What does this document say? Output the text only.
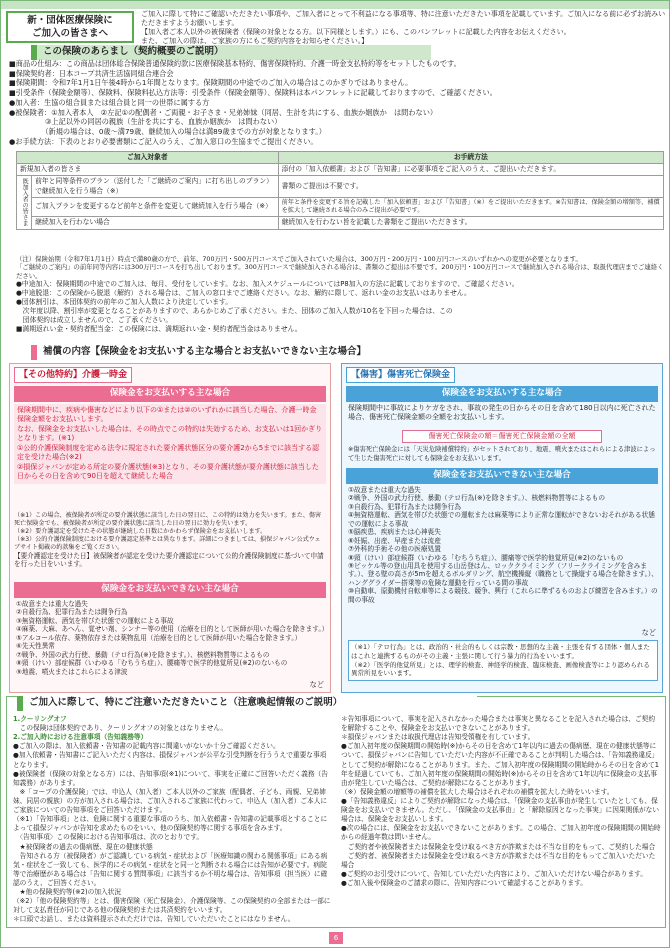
新・団体医療保険に
ご加入の皆さまへ
ご加入に際して特にご確認いただきたい事項や、ご加入者にとって不利益になる事項等、特に注意いただきたい事項を記載しています。ご加入になる前に必ずお読みいただきますようお願いします。
【加入者ご本人以外の被保険者（保険の対象となる方。以下同様とします。）にも、このパンフレットに記載した内容をお伝えください。
また、ご加入の際は、ご家族の方にもご契約内容をお知らせください。】
この保険のあらまし（契約概要のご説明）
■商品の仕組み：この商品は団体総合保険普通保険約款に医療保険基本特約、傷害保険特約、介護一時金支払特約等をセットしたものです。
■保険契約者：日本コープ共済生活協同組合連合会
■保険期間：令和7年1月1日午後4時から1年間となります。保険期間の中途でのご加入の場合はこのかぎりではありません。
■引受条件（保険金額等）、保険料、保険料払込方法等：引受条件（保険金額等）、保険料は本パンフレットに記載しておりますので、ご確認ください。
●加入者：生協の組合員または組合員と同一の世帯に属する方
●被保険者：①加入者本人　②左記①の配偶者・ご両親・お子さま・兄弟姉妹（同居、生計を共にする、血族か姻族か　は問わない）
　　　　　③上記以外の同居の親族（生計を共にする、血族か姻族か　は問わない）
　　　　　（新規の場合は、0歳〜満79歳、継続加入の場合は満89歳までの方が対象となります。）
●お手続方法：下表のとおり必要書類にご記入のうえ、ご加入窓口の生協までご提出ください。
ご加入対象者		お手続方法
新規加入者の皆さま		添付の「加入依頼書」および「告知書」に必要事項をご記入のうえ、ご提出いただきます。
既加入者の皆さま	前年と同等条件のプラン（送付した「ご継続のご案内」に打ち出しのプラン）で継続加入を行う場合（※）	書類のご提出は不要です。
	ご加入プランを変更するなど前年と条件を変更して継続加入を行う場合（※）	前年と条件を変更する旨を記載した「加入依頼書」および「告知書」（※）をご提出いただきます。※告知書は、保険金額の増額等、補償を拡大して継続される場合のみご提出が必要です。
	継続加入を行わない場合	継続加入を行わない旨を記載した書類をご提出いただきます。
（注）保険始期（令和7年1月1日）時点で満80歳の方で、前年、700万円・500万円コースでご加入されていた場合は、300万円・200万円・100万円コースのいずれかへの変更が必要となります。
「ご継続のご案内」の前年同等内容には300万円コースを打ち出しております。300万円コースで継続加入される場合は、書類のご提出は不要です。200万円・100万円コースで継続加入される場合は、取扱代理店までご連絡ください。
●中途加入：保険期間の中途でのご加入は、毎月、受付をしています。なお、加入スケジュールについてはP8加入の方法に記載しておりますので、ご確認ください。
●中途脱退：この保険から脱退（解約）される場合は、ご加入の窓口までご連絡ください。なお、解約に際して、返れい金のお支払いはありません。
●団体割引は、本団体契約の前年のご加入人数により決定しています。
　次年度以降、割引率が変更となることがありますので、あらかじめご了承ください。また、団体のご加入人数が10名を下回った場合は、この
　団体契約は成立しませんので、ご了承ください。
■満期返れい金・契約者配当金：この保険には、満期返れい金・契約者配当金はありません。
補償の内容【保険金をお支払いする主な場合とお支払いできない主な場合】
【その他特約】介護一時金
保険金をお支払いする主な場合
保険期間中に、疾病や傷害などにより以下の①または②のいずれかに該当した場合、介護一時金保険金額をお支払いします。
なお、保険金をお支払いした場合は、その時点でこの特約は失効するため、お支払いは1回かぎりとなります。(※1)
①公的介護保険制度を定める法令に規定された要介護状態区分の要介護2から5までに該当する認定を受けた場合(※2)
②損保ジャパンが定める所定の要介護状態(※3)となり、その要介護状態が要介護状態に該当した日からその日を含めて90日を超えて継続した場合
（※1）この場合、被保険者が所定の要介護状態に該当した日の翌日に、この特約は効力を失います。また、傷害死亡保険金でも、被保険者が所定の要介護状態に該当した日の翌日に効力を失います。
（※2）要介護認定を受けたその状態が継続した日数にかかわらず保険金をお支払いします。
（※3）公的介護保険制度における要介護認定基準とは異なります。詳細につきましては、損保ジャパン公式ウェブサイト掲載の約款集をご覧ください。
【要介護認定を受けた日】被保険者が認定を受けた要介護認定について公的介護保険制度に基づいて申請を行った日をいいます。
保険金をお支払いできない主な場合
①故意または重大な過失
②自殺行為、犯罪行為または闘争行為
③無資格運転、酒気を帯びた状態での運転による事故
④麻薬、大麻、あへん、覚せい剤、シンナー等の使用（治療を目的として医師が用いた場合を除きます。）
⑤アルコール依存、薬物依存または薬物乱用（治療を目的として医師が用いた場合を除きます。）
⑥先天性異常
⑦戦争、外国の武力行使、暴動（テロ行為(※)を除きます。）、核燃料物質等によるもの
⑧頸（けい）部症候群（いわゆる「むちうち症」）、腰痛等で医学的他覚所見(※2)のないもの
⑨地震、噴火またはこれらによる津波
など
【傷害】傷害死亡保険金
保険金をお支払いする主な場合
保険期間中に事故によりケガをされ、事故の発生の日からその日を含めて180日以内に死亡された場合、傷害死亡保険金額の全額をお支払いします。
傷害死亡保険金の額＝傷害死亡保険金額の全額
※傷害死亡保険金には「天災危険補償特約」がセットされており、地震、噴火またはこれらによる津波によって生じた傷害死亡に対しても保険金をお支払いします。
保険金をお支払いできない主な場合
①故意または重大な過失
②戦争、外国の武力行使、暴動（テロ行為(※)を除きます。）、核燃料物質等によるもの
③自殺行為、犯罪行為または闘争行為
④無資格運転、酒気を帯びた状態での運転または麻薬等により正常な運転ができないおそれがある状態での運転による事故
⑤脳疾患、疾病または心神喪失
⑥妊娠、出産、早産または流産
⑦外科的手術その他の医療処置
⑧頸（けい）部症候群（いわゆる「むちうち症」）、腰痛等で医学的他覚所見(※2)のないもの
⑨ピッケル等の登山用具を使用する山岳登はん、ロッククライミング（フリークライミングを含みます。）、登る壁の高さが5mを超えるボルダリング、航空機操縦（職務として操縦する場合を除きます。）、ハンググライダー搭乗等の危険な運動を行っている間の事故
⑩自動車、原動機付自転車等による競技、競争、興行（これらに準ずるものおよび練習を含みます。）の間の事故
など
（※1）「テロ行為」とは、政治的・社会的もしくは宗教・思想的な主義・主張を有する団体・個人またはこれと連携するものがその主義・主張に関して行う暴力的行為をいいます。
（※2）「医学的他覚所見」とは、理学的検査、神経学的検査、臨床検査、画像検査等により認められる異常所見をいいます。
ご加入に際して、特にご注意いただきたいこと（注意喚起情報のご説明）
1.クーリングオフ
　この保険は団体契約であり、クーリングオフの対象とはなりません。
2.ご加入時における注意事項（告知義務等）
●ご加入の際は、加入依頼書・告知書の記載内容に間違いがないか十分ご確認ください。
●加入依頼書・告知書にご記入いただく内容は、損保ジャパンが公平な引受判断を行ううえで重要な事項となります。
●被保険者（保険の対象となる方）には、告知事項(※1)について、事実を正確にご回答いただく義務（告知義務）があります。
　※「コープの介護保険」では、申込人（加入者）ご本人以外のご家族（配偶者、子ども、両親、兄弟姉妹、同居の親族）の方が加入される場合は、ご加入されるご家族に代わって、申込人（加入者）ご本人にご家族についての告知事項をご回答いただけます。
（※1）「告知事項」とは、危険に関する重要な事項のうち、加入依頼書・告知書の記載事項とすることによって損保ジャパンが告知を求めたものをいい、他の保険契約等に関する事項を含みます。
　〈告知事項〉この保険における告知事項は、次のとおりです。
　★被保険者の過去の傷病歴、現在の健康状態
　告知される方（被保険者）がご認識している病気・症状および「医療知識の関わる関係事項」にある病気・症状をご一致しても、医学的にその病気・症状をと同一と判断される場合には告知が必要です。病院等で治療歴がある場合は「告知に関する質問事項」に該当するか不明な場合は、告知事項（担当医）に確認のうえ、ご回答ください。
　★他の保険契約等(※2)の加入状況
（※2）「他の保険契約等」とは、傷害保険（死亡保険金）、介護保険等、この保険契約の全部または一部に対して支払責任が同じである他の保険契約または共済契約をいいます。
＊口頭でお話し、または資料提示されただけでは、告知していただいたことにはなりません。
＊告知事項について、事実を記入されなかった場合または事実と異なることを記入された場合は、ご契約を解除することや、保険金をお支払いできないことがあります。
＊損保ジャパンまたは取扱代理店は告知受領権を有しています。
●ご加入初年度の保険期間の開始時(※)からその日を含めて1年以内に過去の傷病歴、現在の健康状態等について、損保ジャパンに告知していただいた内容が不正確であることが判明した場合は、「告知義務違反」としてご契約が解除になることがあります。また、ご加入初年度の保険期間の開始時からその日を含めて1年を経過していても、ご加入初年度の保険期間の開始時(※)からその日を含めて1年以内に保険金の支払事由が発生していた場合は、ご契約が解除になることがあります。
（※）保険金額の増額等の補償を拡大した場合はそれぞれの補償を拡大した時をいいます。
●「告知義務違反」によりご契約が解除になった場合は、「保険金の支払事由が発生していたとしても、保険金をお支払いできません。ただし、「保険金の支払事由」と「解除原因となった事実」に因果関係がない場合は、保険金をお支払いします。
●次の場合には、保険金をお支払いできないことがあります。この場合、ご加入初年度の保険期間の開始時からの経過年数は問いません。
　ご契約者や被保険者または保険金を受け取るべき方が詐欺または不当な目的をもって、ご契約した場合
　ご契約者、被保険者または保険金を受け取るべき方が詐欺または不当な目的をもってご加入いただいた場合
●ご契約のお引受けについて、告知していただいた内容により、ご加入いただけない場合があります。
●ご加入後や保険金のご請求の際に、告知内容について確認することがあります。
6
